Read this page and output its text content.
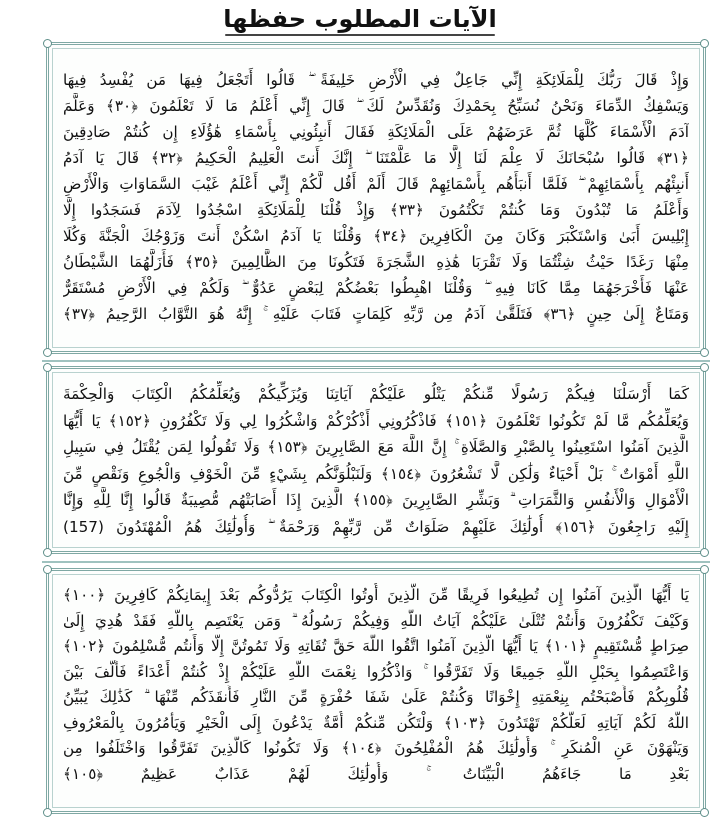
الآيات المطلوب حفظها
وَإِذْ قَالَ رَبُّكَ لِلْمَلَائِكَةِ إِنِّي جَاعِلٌ فِي الْأَرْضِ خَلِيفَةً ۖ قَالُوا أَتَجْعَلُ فِيهَا مَن يُفْسِدُ فِيهَا
وَيَسْفِكُ الدِّمَاءَ وَنَحْنُ نُسَبِّحُ بِحَمْدِكَ وَنُقَدِّسُ لَكَ ۖ قَالَ إِنِّي أَعْلَمُ مَا لَا تَعْلَمُونَ ﴿٣٠﴾ وَعَلَّمَ
آدَمَ الْأَسْمَاءَ كُلَّهَا ثُمَّ عَرَضَهُمْ عَلَى الْمَلَائِكَةِ فَقَالَ أَنبِئُونِي بِأَسْمَاءِ هَٰؤُلَاءِ إِن كُنتُمْ صَادِقِينَ
﴿٣١﴾ قَالُوا سُبْحَانَكَ لَا عِلْمَ لَنَا إِلَّا مَا عَلَّمْتَنَا ۖ إِنَّكَ أَنتَ الْعَلِيمُ الْحَكِيمُ ﴿٣٢﴾ قَالَ يَا آدَمُ
أَنبِئْهُم بِأَسْمَائِهِمْ ۖ فَلَمَّا أَنبَأَهُم بِأَسْمَائِهِمْ قَالَ أَلَمْ أَقُل لَّكُمْ إِنِّي أَعْلَمُ غَيْبَ السَّمَاوَاتِ وَالْأَرْضِ
وَأَعْلَمُ مَا تُبْدُونَ وَمَا كُنتُمْ تَكْتُمُونَ ﴿٣٣﴾ وَإِذْ قُلْنَا لِلْمَلَائِكَةِ اسْجُدُوا لِآدَمَ فَسَجَدُوا إِلَّا
إِبْلِيسَ أَبَىٰ وَاسْتَكْبَرَ وَكَانَ مِنَ الْكَافِرِينَ ﴿٣٤﴾ وَقُلْنَا يَا آدَمُ اسْكُنْ أَنتَ وَزَوْجُكَ الْجَنَّةَ وَكُلَا
مِنْهَا رَغَدًا حَيْثُ شِئْتُمَا وَلَا تَقْرَبَا هَٰذِهِ الشَّجَرَةَ فَتَكُونَا مِنَ الظَّالِمِينَ ﴿٣٥﴾ فَأَزَلَّهُمَا الشَّيْطَانُ
عَنْهَا فَأَخْرَجَهُمَا مِمَّا كَانَا فِيهِ ۖ وَقُلْنَا اهْبِطُوا بَعْضُكُمْ لِبَعْضٍ عَدُوٌّ ۖ وَلَكُمْ فِي الْأَرْضِ مُسْتَقَرٌّ
وَمَتَاعٌ إِلَىٰ حِينٍ ﴿٣٦﴾ فَتَلَقَّىٰ آدَمُ مِن رَّبِّهِ كَلِمَاتٍ فَتَابَ عَلَيْهِ ۚ إِنَّهُ هُوَ التَّوَّابُ الرَّحِيمُ ﴿٣٧﴾
كَمَا أَرْسَلْنَا فِيكُمْ رَسُولًا مِّنكُمْ يَتْلُو عَلَيْكُمْ آيَاتِنَا وَيُزَكِّيكُمْ وَيُعَلِّمُكُمُ الْكِتَابَ وَالْحِكْمَةَ
وَيُعَلِّمُكُم مَّا لَمْ تَكُونُوا تَعْلَمُونَ ﴿١٥١﴾ فَاذْكُرُونِي أَذْكُرْكُمْ وَاشْكُرُوا لِي وَلَا تَكْفُرُونِ ﴿١٥٢﴾ يَا أَيُّهَا
الَّذِينَ آمَنُوا اسْتَعِينُوا بِالصَّبْرِ وَالصَّلَاةِ ۚ إِنَّ اللَّهَ مَعَ الصَّابِرِينَ ﴿١٥٣﴾ وَلَا تَقُولُوا لِمَن يُقْتَلُ فِي سَبِيلِ
اللَّهِ أَمْوَاتٌ ۚ بَلْ أَحْيَاءٌ وَلَٰكِن لَّا تَشْعُرُونَ ﴿١٥٤﴾ وَلَنَبْلُوَنَّكُم بِشَيْءٍ مِّنَ الْخَوْفِ وَالْجُوعِ وَنَقْصٍ مِّنَ
الْأَمْوَالِ وَالْأَنفُسِ وَالثَّمَرَاتِ ۗ وَبَشِّرِ الصَّابِرِينَ ﴿١٥٥﴾ الَّذِينَ إِذَا أَصَابَتْهُم مُّصِيبَةٌ قَالُوا إِنَّا لِلَّهِ وَإِنَّا
إِلَيْهِ رَاجِعُونَ ﴿١٥٦﴾ أُولَٰئِكَ عَلَيْهِمْ صَلَوَاتٌ مِّن رَّبِّهِمْ وَرَحْمَةٌ ۖ وَأُولَٰئِكَ هُمُ الْمُهْتَدُونَ (157)
يَا أَيُّهَا الَّذِينَ آمَنُوا إِن تُطِيعُوا فَرِيقًا مِّنَ الَّذِينَ أُوتُوا الْكِتَابَ يَرُدُّوكُم بَعْدَ إِيمَانِكُمْ كَافِرِينَ ﴿١٠٠﴾
وَكَيْفَ تَكْفُرُونَ وَأَنتُمْ تُتْلَىٰ عَلَيْكُمْ آيَاتُ اللَّهِ وَفِيكُمْ رَسُولُهُ ۗ وَمَن يَعْتَصِم بِاللَّهِ فَقَدْ هُدِيَ إِلَىٰ
صِرَاطٍ مُّسْتَقِيمٍ ﴿١٠١﴾ يَا أَيُّهَا الَّذِينَ آمَنُوا اتَّقُوا اللَّهَ حَقَّ تُقَاتِهِ وَلَا تَمُوتُنَّ إِلَّا وَأَنتُم مُّسْلِمُونَ ﴿١٠٢﴾
وَاعْتَصِمُوا بِحَبْلِ اللَّهِ جَمِيعًا وَلَا تَفَرَّقُوا ۚ وَاذْكُرُوا نِعْمَتَ اللَّهِ عَلَيْكُمْ إِذْ كُنتُمْ أَعْدَاءً فَأَلَّفَ بَيْنَ
قُلُوبِكُمْ فَأَصْبَحْتُم بِنِعْمَتِهِ إِخْوَانًا وَكُنتُمْ عَلَىٰ شَفَا حُفْرَةٍ مِّنَ النَّارِ فَأَنقَذَكُم مِّنْهَا ۗ كَذَٰلِكَ يُبَيِّنُ
اللَّهُ لَكُمْ آيَاتِهِ لَعَلَّكُمْ تَهْتَدُونَ ﴿١٠٣﴾ وَلْتَكُن مِّنكُمْ أُمَّةٌ يَدْعُونَ إِلَى الْخَيْرِ وَيَأْمُرُونَ بِالْمَعْرُوفِ
وَيَنْهَوْنَ عَنِ الْمُنكَرِ ۚ وَأُولَٰئِكَ هُمُ الْمُفْلِحُونَ ﴿١٠٤﴾ وَلَا تَكُونُوا كَالَّذِينَ تَفَرَّقُوا وَاخْتَلَفُوا مِن
بَعْدِ مَا جَاءَهُمُ الْبَيِّنَاتُ ۚ وَأُولَٰئِكَ لَهُمْ عَذَابٌ عَظِيمٌ ﴿١٠٥﴾
